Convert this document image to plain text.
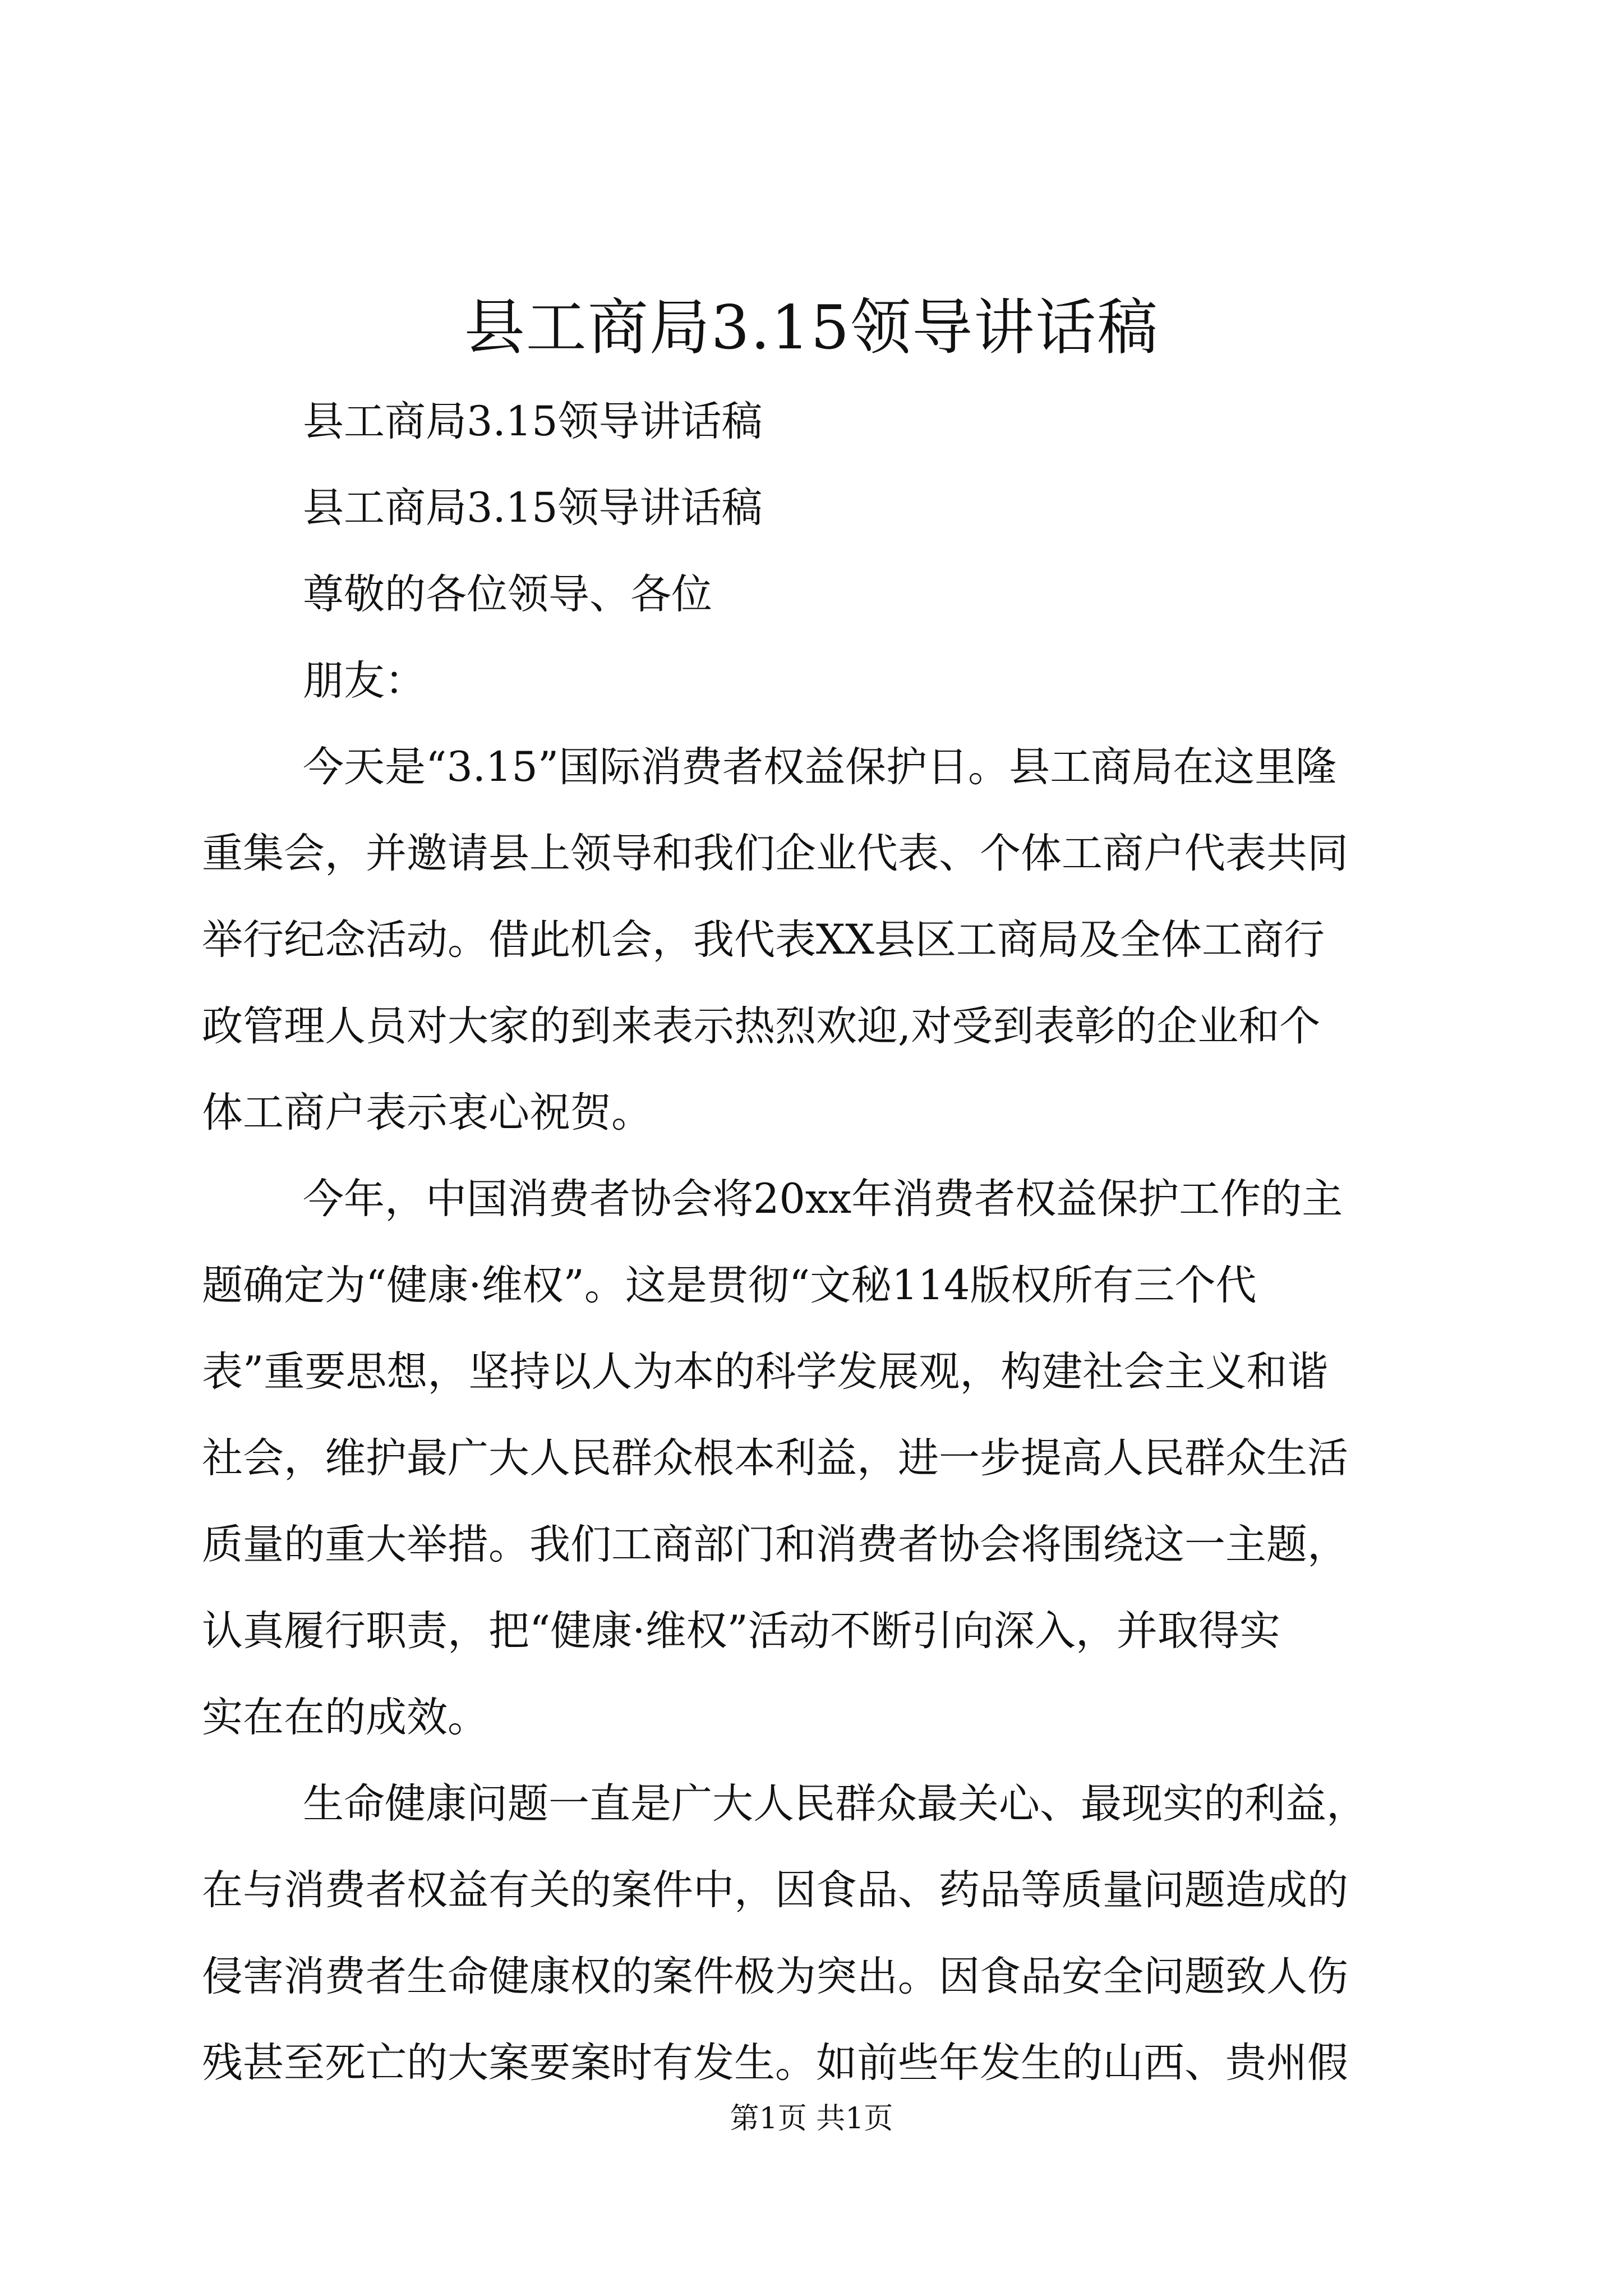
县工商局3.15领导讲话稿

县工商局3.15领导讲话稿

县工商局3.15领导讲话稿

尊敬的各位领导、各位

朋友：

今天是“3.15”国际消费者权益保护日。县工商局在这里隆

重集会，并邀请县上领导和我们企业代表、个体工商户代表共同

举行纪念活动。借此机会，我代表XX县区工商局及全体工商行

政管理人员对大家的到来表示热烈欢迎,对受到表彰的企业和个

体工商户表示衷心祝贺。

今年，中国消费者协会将20xx年消费者权益保护工作的主

题确定为“健康·维权”。这是贯彻“文秘114版权所有三个代

表”重要思想，坚持以人为本的科学发展观，构建社会主义和谐

社会，维护最广大人民群众根本利益，进一步提高人民群众生活

质量的重大举措。我们工商部门和消费者协会将围绕这一主题，

认真履行职责，把“健康·维权”活动不断引向深入，并取得实

实在在的成效。

生命健康问题一直是广大人民群众最关心、最现实的利益，

在与消费者权益有关的案件中，因食品、药品等质量问题造成的

侵害消费者生命健康权的案件极为突出。因食品安全问题致人伤

残甚至死亡的大案要案时有发生。如前些年发生的山西、贵州假

第1页 共1页
